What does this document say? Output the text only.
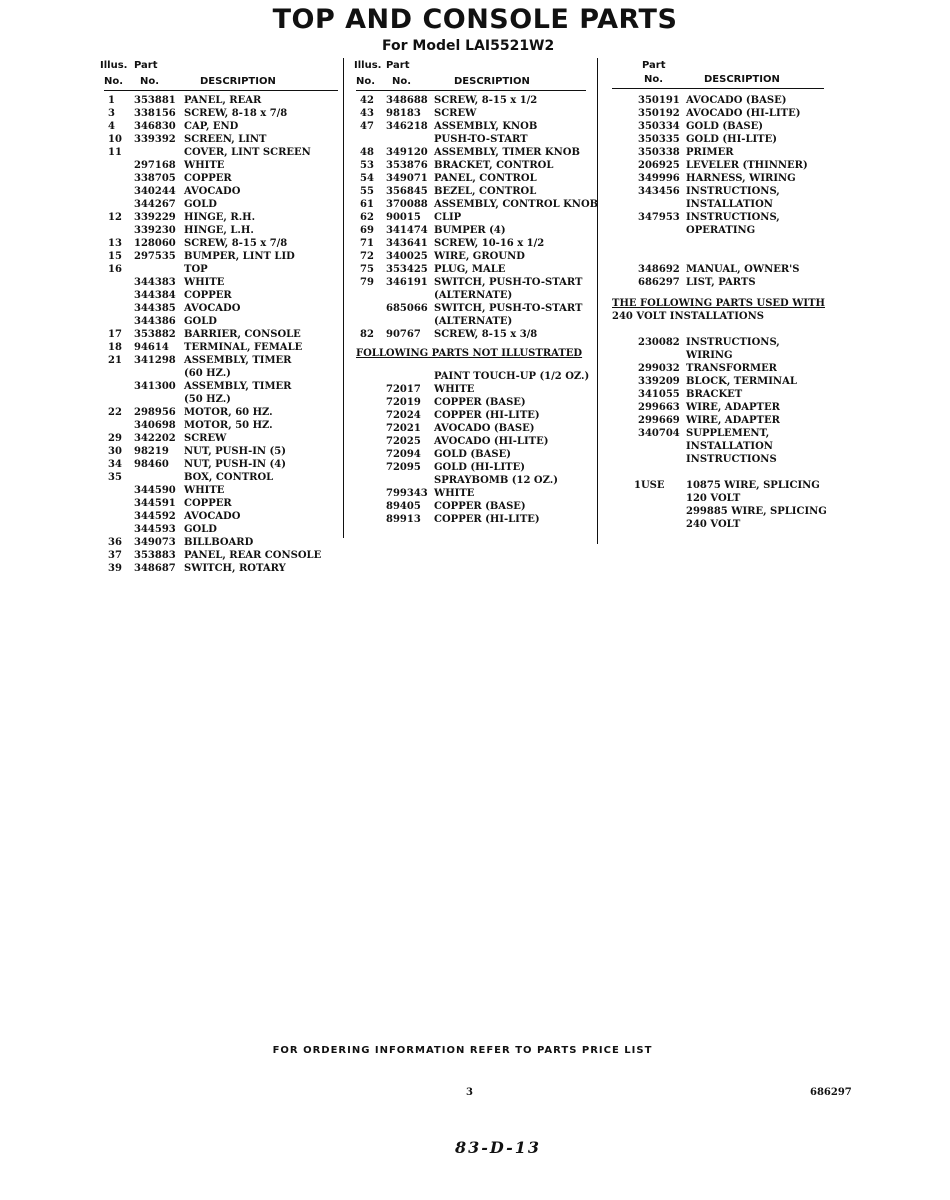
TOP AND CONSOLE PARTS
For Model LAI5521W2
Illus. Part
No. No.	DESCRIPTION
1 353881 PANEL, REAR
3 338156 SCREW, 8-18 x 7/8
4 346830 CAP, END
10 339392 SCREEN, LINT
11	COVER, LINT SCREEN
297168 WHITE
338705 COPPER
340244 AVOCADO
344267 GOLD
12 339229 HINGE, R.H.
339230 HINGE, L.H.
13 128060 SCREW, 8-15 x 7/8
15 297535 BUMPER, LINT LID
16	TOP
344383 WHITE
344384 COPPER
344385 AVOCADO
344386 GOLD
17 353882 BARRIER, CONSOLE
18 94614 TERMINAL, FEMALE
21 341298 ASSEMBLY, TIMER
(60 HZ.)
341300 ASSEMBLY, TIMER
(50 HZ.)
22 298956 MOTOR, 60 HZ.
340698 MOTOR, 50 HZ.
29 342202 SCREW
30 98219 NUT, PUSH-IN (5)
34 98460 NUT, PUSH-IN (4)
35	BOX, CONTROL
344590 WHITE
344591 COPPER
344592 AVOCADO
344593 GOLD
36 349073 BILLBOARD
37 353883 PANEL, REAR CONSOLE
39 348687 SWITCH, ROTARY
Illus. Part
No. No.	DESCRIPTION
42 348688 SCREW, 8-15 x 1/2
43 98183 SCREW
47 346218 ASSEMBLY, KNOB
PUSH-TO-START
48 349120 ASSEMBLY, TIMER KNOB
53 353876 BRACKET, CONTROL
54 349071 PANEL, CONTROL
55 356845 BEZEL, CONTROL
61 370088 ASSEMBLY, CONTROL KNOB
62 90015 CLIP
69 341474 BUMPER (4)
71 343641 SCREW, 10-16 x 1/2
72 340025 WIRE, GROUND
75 353425 PLUG, MALE
79 346191 SWITCH, PUSH-TO-START
(ALTERNATE)
685066 SWITCH, PUSH-TO-START
(ALTERNATE)
82 90767 SCREW, 8-15 x 3/8
FOLLOWING PARTS NOT ILLUSTRATED
PAINT TOUCH-UP (1/2 OZ.)
72017 WHITE
72019 COPPER (BASE)
72024 COPPER (HI-LITE)
72021 AVOCADO (BASE)
72025 AVOCADO (HI-LITE)
72094 GOLD (BASE)
72095 GOLD (HI-LITE)
SPRAYBOMB (12 OZ.)
799343 WHITE
89405 COPPER (BASE)
89913 COPPER (HI-LITE)
Part
No.	DESCRIPTION
350191 AVOCADO (BASE)
350192 AVOCADO (HI-LITE)
350334 GOLD (BASE)
350335 GOLD (HI-LITE)
350338 PRIMER
206925 LEVELER (THINNER)
349996 HARNESS, WIRING
343456 INSTRUCTIONS,
INSTALLATION
347953 INSTRUCTIONS,
OPERATING
348692 MANUAL, OWNER'S
686297 LIST, PARTS
THE FOLLOWING PARTS USED WITH
240 VOLT INSTALLATIONS
230082 INSTRUCTIONS,
WIRING
299032 TRANSFORMER
339209 BLOCK, TERMINAL
341055 BRACKET
299663 WIRE, ADAPTER
299669 WIRE, ADAPTER
340704 SUPPLEMENT,
INSTALLATION
INSTRUCTIONS
1USE 10875 WIRE, SPLICING
120 VOLT
299885 WIRE, SPLICING
240 VOLT
FOR ORDERING INFORMATION REFER TO PARTS PRICE LIST
3	686297
83-D-13
